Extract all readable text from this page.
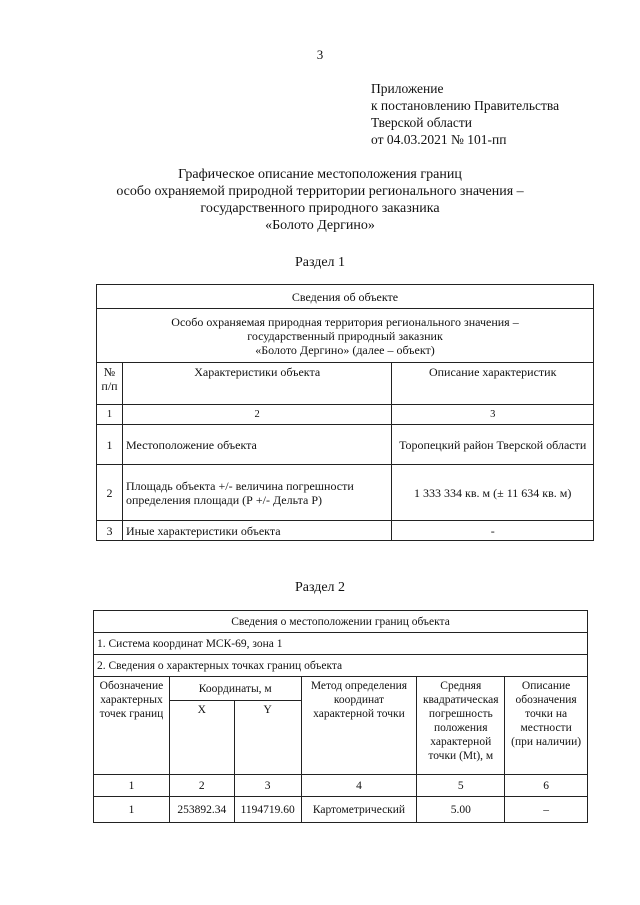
3
Приложение
к постановлению Правительства
Тверской области
от 04.03.2021 № 101-пп
Графическое описание местоположения границ
особо охраняемой природной территории регионального значения –
государственного природного заказника
«Болото Дергино»
Раздел 1
Сведения об объекте		

Особо охраняемая природная территория регионального значения –
государственный природный заказник
«Болото Дергино» (далее – объект)		

№ п/п	Характеристики объекта	Описание характеристик
1	2	3
1	Местоположение объекта	Торопецкий район Тверской области
2	Площадь объекта +/- величина погрешности определения площади (Р +/- Дельта Р)	1 333 334 кв. м (± 11 634 кв. м)
3	Иные характеристики объекта	-
Раздел 2
Сведения о местоположении границ объекта					
1. Система координат МСК-69, зона 1					
2. Сведения о характерных точках границ объекта					
Обозначение характерных точек границ	Координаты, м		Метод определения координат характерной точки	Средняя квадратическая погрешность положения характерной точки (Mt), м	Описание обозначения точки на местности (при наличии)
	X	Y			
1	2	3	4	5	6
1	253892.34	1194719.60	Картометрический	5.00	–
